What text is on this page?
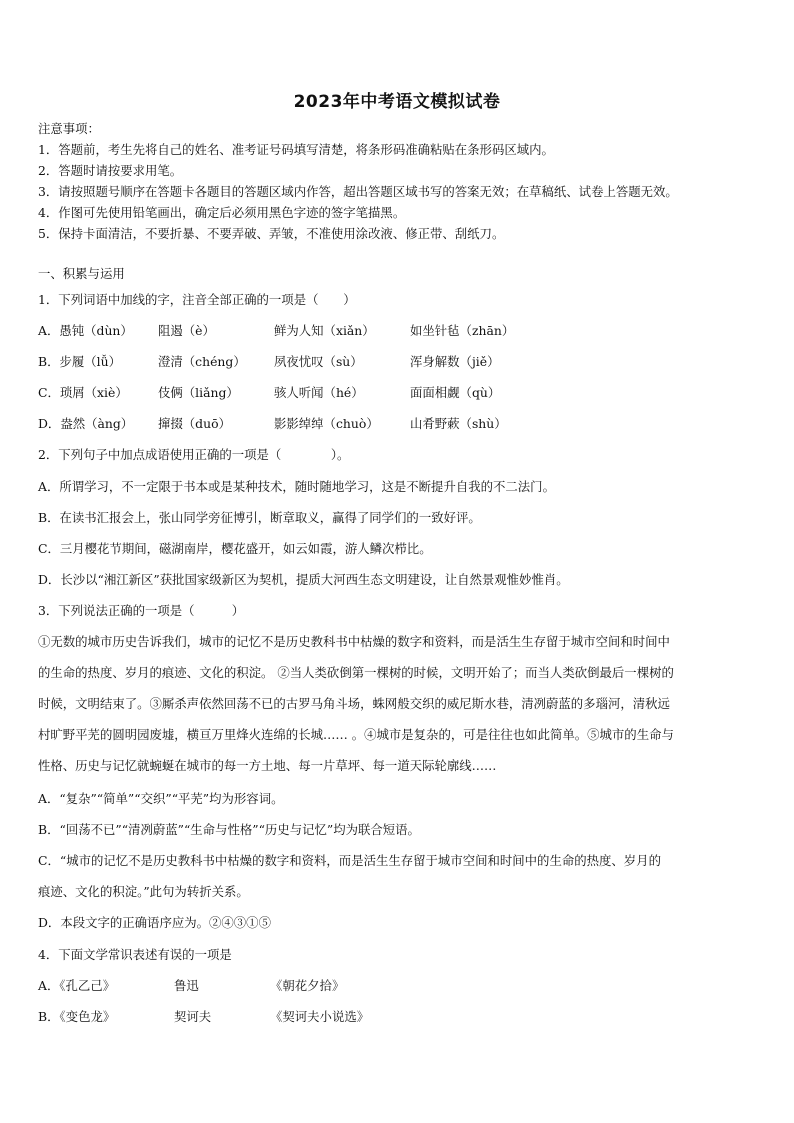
2023年中考语文模拟试卷
注意事项：
1．答题前，考生先将自己的姓名、准考证号码填写清楚，将条形码准确粘贴在条形码区域内。
2．答题时请按要求用笔。
3．请按照题号顺序在答题卡各题目的答题区域内作答，超出答题区域书写的答案无效；在草稿纸、试卷上答题无效。
4．作图可先使用铅笔画出，确定后必须用黑色字迹的签字笔描黑。
5．保持卡面清洁，不要折暴、不要弄破、弄皱，不准使用涂改液、修正带、刮纸刀。
一、积累与运用
1．下列词语中加线的字，注音全部正确的一项是（　　）
A．愚钝（dùn） 阻遏（è）	鲜为人知（xiǎn）	如坐针毡（zhān）
B．步履（lǚ）	澄清（chéng） 夙夜忧叹（sù）	浑身解数（jiě）
C．琐屑（xiè） 伎俩（liǎng）	骇人听闻（hé）	面面相觑（qù）
D．盎然（àng） 撺掇（duō）	影影绰绰（chuò）	山肴野蔌（shù）
2．下列句子中加点成语使用正确的一项是（　　　　）。
A．所谓学习，不一定限于书本或是某种技术，随时随地学习，这是不断提升自我的不二法门。
B．在读书汇报会上，张山同学旁征博引，断章取义，赢得了同学们的一致好评。
C．三月樱花节期间，磁湖南岸，樱花盛开，如云如霞，游人鳞次栉比。
D．长沙以“湘江新区”获批国家级新区为契机，提质大河西生态文明建设，让自然景观惟妙惟肖。
3．下列说法正确的一项是（　　　）
①无数的城市历史告诉我们，城市的记忆不是历史教科书中枯燥的数字和资料，而是活生生存留于城市空间和时间中
的生命的热度、岁月的痕迹、文化的积淀。 ②当人类砍倒第一棵树的时候，文明开始了；而当人类砍倒最后一棵树的
时候，文明结束了。③厮杀声依然回荡不已的古罗马角斗场，蛛网般交织的威尼斯水巷，清冽蔚蓝的多瑙河，清秋远
村旷野平芜的圆明园废墟，横亘万里烽火连绵的长城…… 。④城市是复杂的，可是往往也如此简单。⑤城市的生命与
性格、历史与记忆就蜿蜒在城市的每一方土地、每一片草坪、每一道天际轮廓线……
A．“复杂”“简单”“交织”“平芜”均为形容词。
B．“回荡不已”“清冽蔚蓝”“生命与性格”“历史与记忆”均为联合短语。
C．“城市的记忆不是历史教科书中枯燥的数字和资料，而是活生生存留于城市空间和时间中的生命的热度、岁月的
痕迹、文化的积淀。”此句为转折关系。
D．本段文字的正确语序应为。②④③①⑤
4．下面文学常识表述有误的一项是
A．《孔乙己》	鲁迅	《朝花夕拾》
B．《变色龙》	契诃夫	《契诃夫小说选》
